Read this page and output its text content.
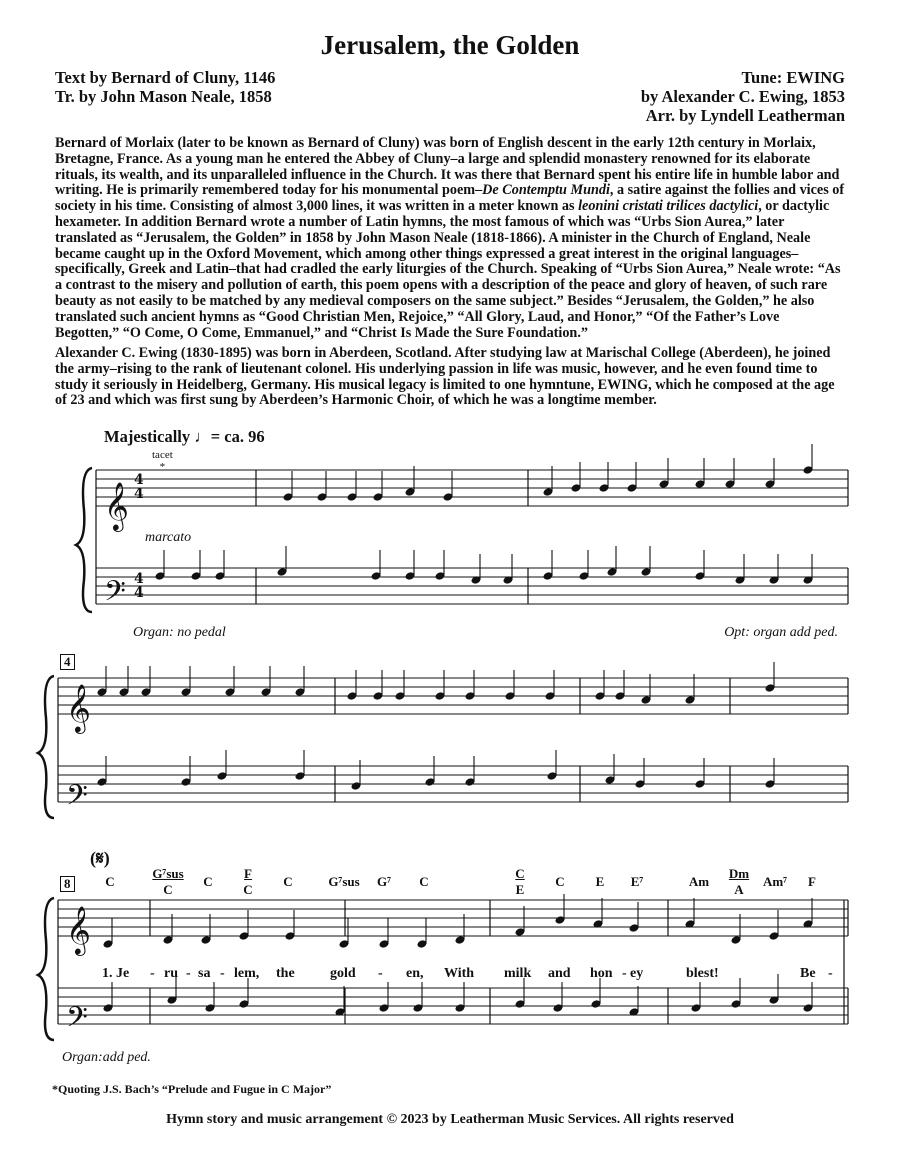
Jerusalem, the Golden
Text by Bernard of Cluny, 1146
Tr. by John Mason Neale, 1858
Tune: EWING
by Alexander C. Ewing, 1853
Arr. by Lyndell Leatherman
Bernard of Morlaix (later to be known as Bernard of Cluny) was born of English descent in the early 12th century in Morlaix, Bretagne, France. As a young man he entered the Abbey of Cluny–a large and splendid monastery renowned for its elaborate rituals, its wealth, and its unparalleled influence in the Church. It was there that Bernard spent his entire life in humble labor and writing. He is primarily remembered today for his monumental poem–De Contemptu Mundi, a satire against the follies and vices of society in his time. Consisting of almost 3,000 lines, it was written in a meter known as leonini cristati trilices dactylici, or dactylic hexameter. In addition Bernard wrote a number of Latin hymns, the most famous of which was “Urbs Sion Aurea,” later translated as “Jerusalem, the Golden” in 1858 by John Mason Neale (1818-1866). A minister in the Church of England, Neale became caught up in the Oxford Movement, which among other things expressed a great interest in the original languages–specifically, Greek and Latin–that had cradled the early liturgies of the Church. Speaking of “Urbs Sion Aurea,” Neale wrote: “As a contrast to the misery and pollution of earth, this poem opens with a description of the peace and glory of heaven, of such rare beauty as not easily to be matched by any medieval composers on the same subject.” Besides “Jerusalem, the Golden,” he also translated such ancient hymns as “Good Christian Men, Rejoice,” “All Glory, Laud, and Honor,” “Of the Father’s Love Begotten,” “O Come, O Come, Emmanuel,” and “Christ Is Made the Sure Foundation.”
Alexander C. Ewing (1830-1895) was born in Aberdeen, Scotland. After studying law at Marischal College (Aberdeen), he joined the army–rising to the rank of lieutenant colonel. His underlying passion in life was music, however, and he even found time to study it seriously in Heidelberg, Germany. His musical legacy is limited to one hymntune, EWING, which he composed at the age of 23 and which was first sung by Aberdeen’s Harmonic Choir, of which he was a longtime member.
Majestically ♩= ca. 96
tacet
*
marcato
Organ: no pedal	Opt: organ add ped.
Organ:add ped.
4
8
(𝄋)
C
G⁷sus
C
C
F
C
C	G⁷sus	G⁷	C
C
E
C	E	E⁷	Am
Dm
A
Am⁷	F
1. Je - ru - sa - lem, the	gold - en, With milk and hon - ey	blest!	Be -
*Quoting J.S. Bach’s “Prelude and Fugue in C Major”
Hymn story and music arrangement © 2023 by Leatherman Music Services. All rights reserved
𝄞
𝄢
𝄞
𝄢
𝄞
𝄢
4
4
4
4
